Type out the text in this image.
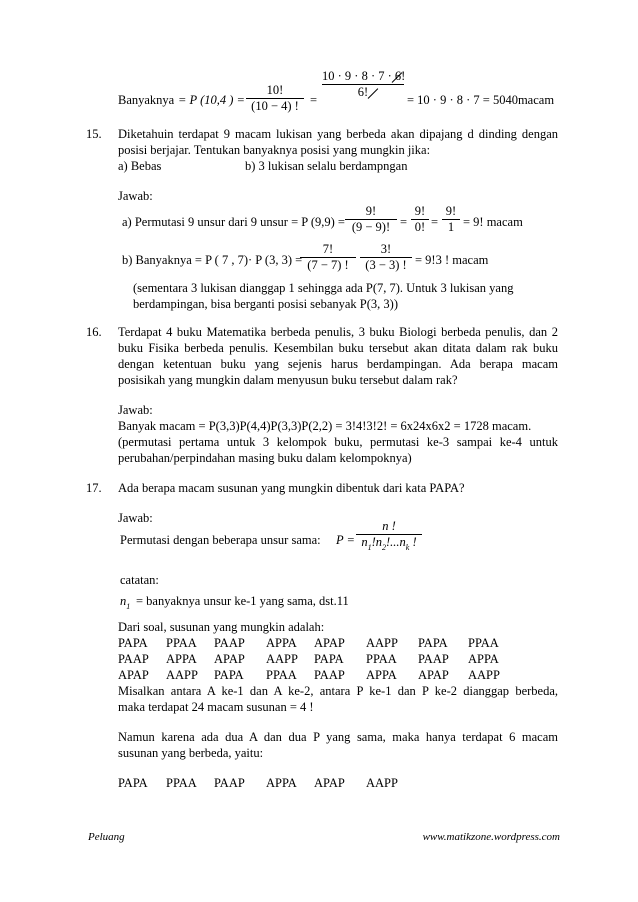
Banyaknya = P (10,4 ) =
10!
(10 − 4) ! =
10 · 9 · 8 · 7 · 6!
6!
= 10 · 9 · 8 · 7 = 5040macam
15. Diketahuin terdapat 9 macam lukisan yang berbeda akan dipajang d dinding dengan
posisi berjajar. Tentukan banyaknya posisi yang mungkin jika:
a) Bebas	b) 3 lukisan selalu berdampngan
Jawab:
a) Permutasi 9 unsur dari 9 unsur = P (9,9) =
9!
(9 − 9)! =
9!
0! =
9!
1 = 9! macam
b) Banyaknya = P ( 7 , 7)· P (3, 3) =
7!
(7 − 7) !
3!
(3 − 3) ! = 9!3 ! macam
(sementara 3 lukisan dianggap 1 sehingga ada P(7, 7). Untuk 3 lukisan yang
berdampingan, bisa berganti posisi sebanyak P(3, 3))
16. Terdapat 4 buku Matematika berbeda penulis, 3 buku Biologi berbeda penulis, dan 2
buku Fisika berbeda penulis. Kesembilan buku tersebut akan ditata dalam rak buku
dengan ketentuan buku yang sejenis harus berdampingan. Ada berapa macam
posisikah yang mungkin dalam menyusun buku tersebut dalam rak?
Jawab:
Banyak macam = P(3,3)P(4,4)P(3,3)P(2,2) = 3!4!3!2! = 6x24x6x2 = 1728 macam.
(permutasi pertama untuk 3 kelompok buku, permutasi ke-3 sampai ke-4 untuk
perubahan/perpindahan masing buku dalam kelompoknya)
17. Ada berapa macam susunan yang mungkin dibentuk dari kata PAPA?
Jawab:
Permutasi dengan beberapa unsur sama: P =
n !
$n_1!n_2!...n_k$ !
catatan:
$n_1$ = banyaknya unsur ke-1 yang sama, dst.11
Dari soal, susunan yang mungkin adalah:
PAPA PPAA PAAP APPA APAP AAPP PAPA PPAA
PAAP APPA APAP AAPP PAPA PPAA PAAP APPA
APAP AAPP PAPA PPAA PAAP APPA APAP AAPP
Misalkan antara A ke-1 dan A ke-2, antara P ke-1 dan P ke-2 dianggap berbeda,
maka terdapat 24 macam susunan = 4 !
Namun karena ada dua A dan dua P yang sama, maka hanya terdapat 6 macam
susunan yang berbeda, yaitu:
PAPA PPAA PAAP APPA APAP AAPP
Peluang	www.matikzone.wordpress.com
